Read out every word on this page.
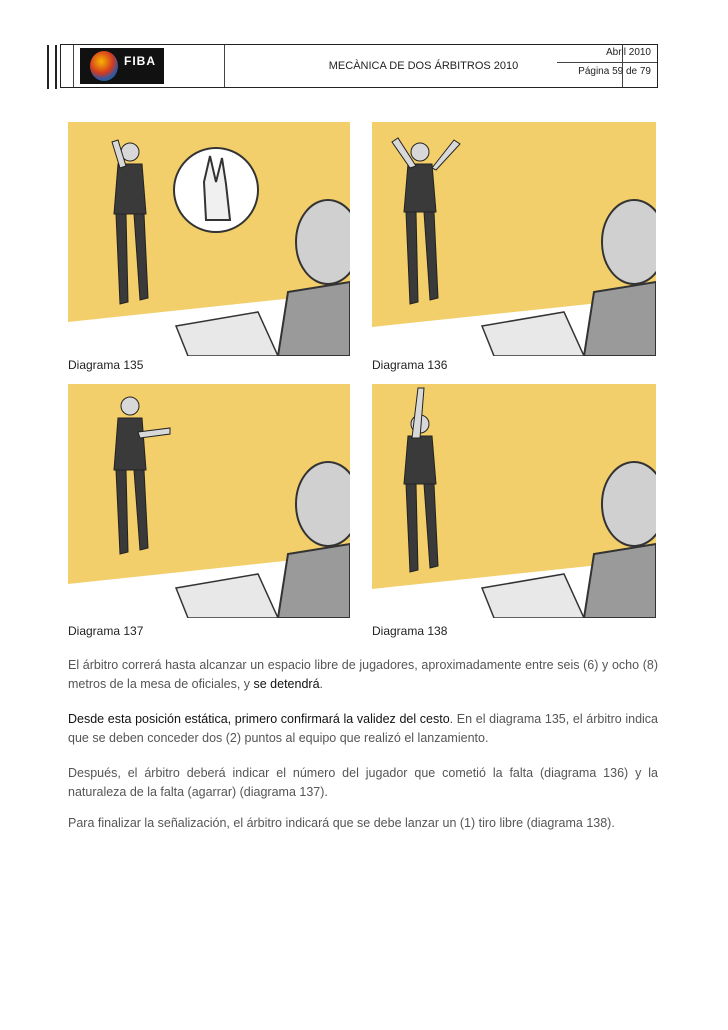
FIBA	MECÀNICA DE DOS ÁRBITROS 2010
Abril 2010
Página 59 de 79
Diagrama 135	Diagrama 136
Diagrama 137	Diagrama 138
El árbitro correrá hasta alcanzar un espacio libre de jugadores, aproximadamente entre seis (6) y ocho (8) metros de la mesa de oficiales, y se detendrá.
Desde esta posición estática, primero confirmará la validez del cesto. En el diagrama 135, el árbitro indica que se deben conceder dos (2) puntos al equipo que realizó el lanzamiento.
Después, el árbitro deberá indicar el número del jugador que cometió la falta (diagrama 136) y la naturaleza de la falta (agarrar) (diagrama 137).
Para finalizar la señalización, el árbitro indicará que se debe lanzar un (1) tiro libre (diagrama 138).
